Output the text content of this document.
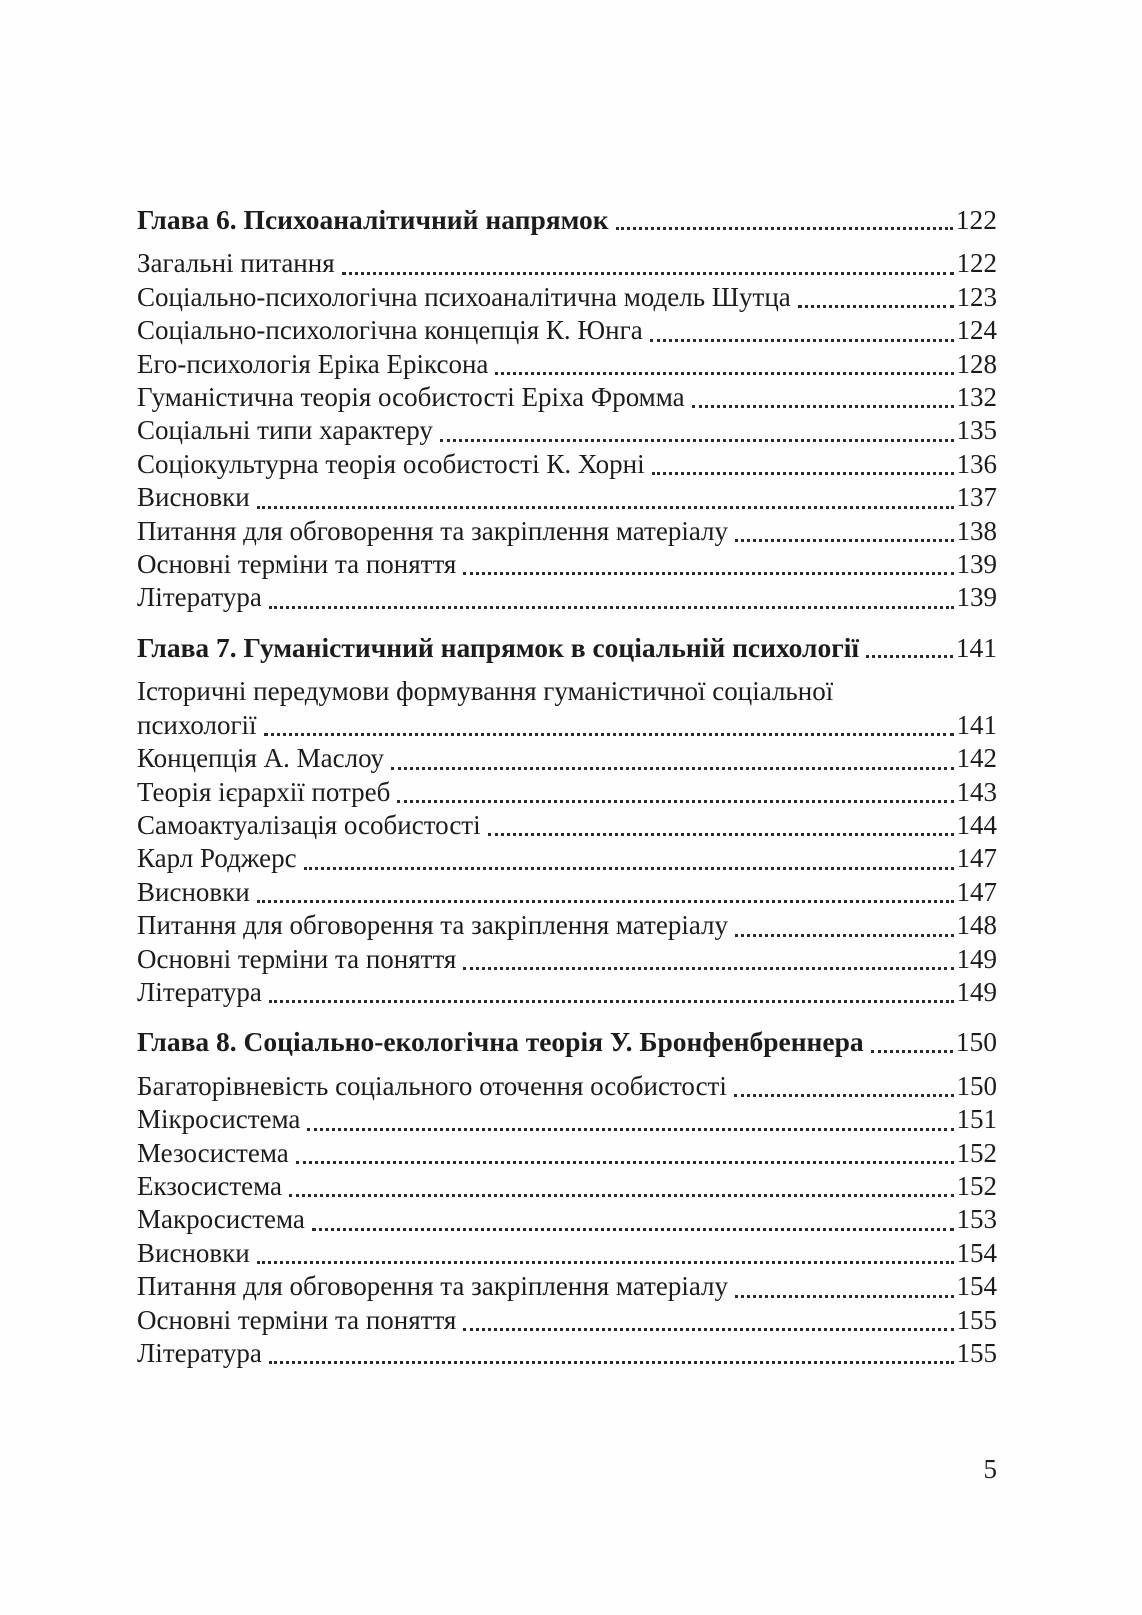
Глава 6. Психоаналітичний напрямок	122
Загальні питання	122
Соціально-психологічна психоаналітична модель Шутца	123
Соціально-психологічна концепція К. Юнга	124
Его-психологія Еріка Еріксона	128
Гуманістична теорія особистості Еріха Фромма	132
Соціальні типи характеру	135
Соціокультурна теорія особистості К. Хорні	136
Висновки	137
Питання для обговорення та закріплення матеріалу	138
Основні терміни та поняття	139
Література	139
Глава 7. Гуманістичний напрямок в соціальній психології	141
Історичні передумови формування гуманістичної соціальної
психології	141
Концепція А. Маслоу	142
Теорія ієрархії потреб	143
Самоактуалізація особистості	144
Карл Роджерс	147
Висновки	147
Питання для обговорення та закріплення матеріалу	148
Основні терміни та поняття	149
Література	149
Глава 8. Соціально-екологічна теорія У. Бронфенбреннера	150
Багаторівневість соціального оточення особистості	150
Мікросистема	151
Мезосистема	152
Екзосистема	152
Макросистема	153
Висновки	154
Питання для обговорення та закріплення матеріалу	154
Основні терміни та поняття	155
Література	155
5
